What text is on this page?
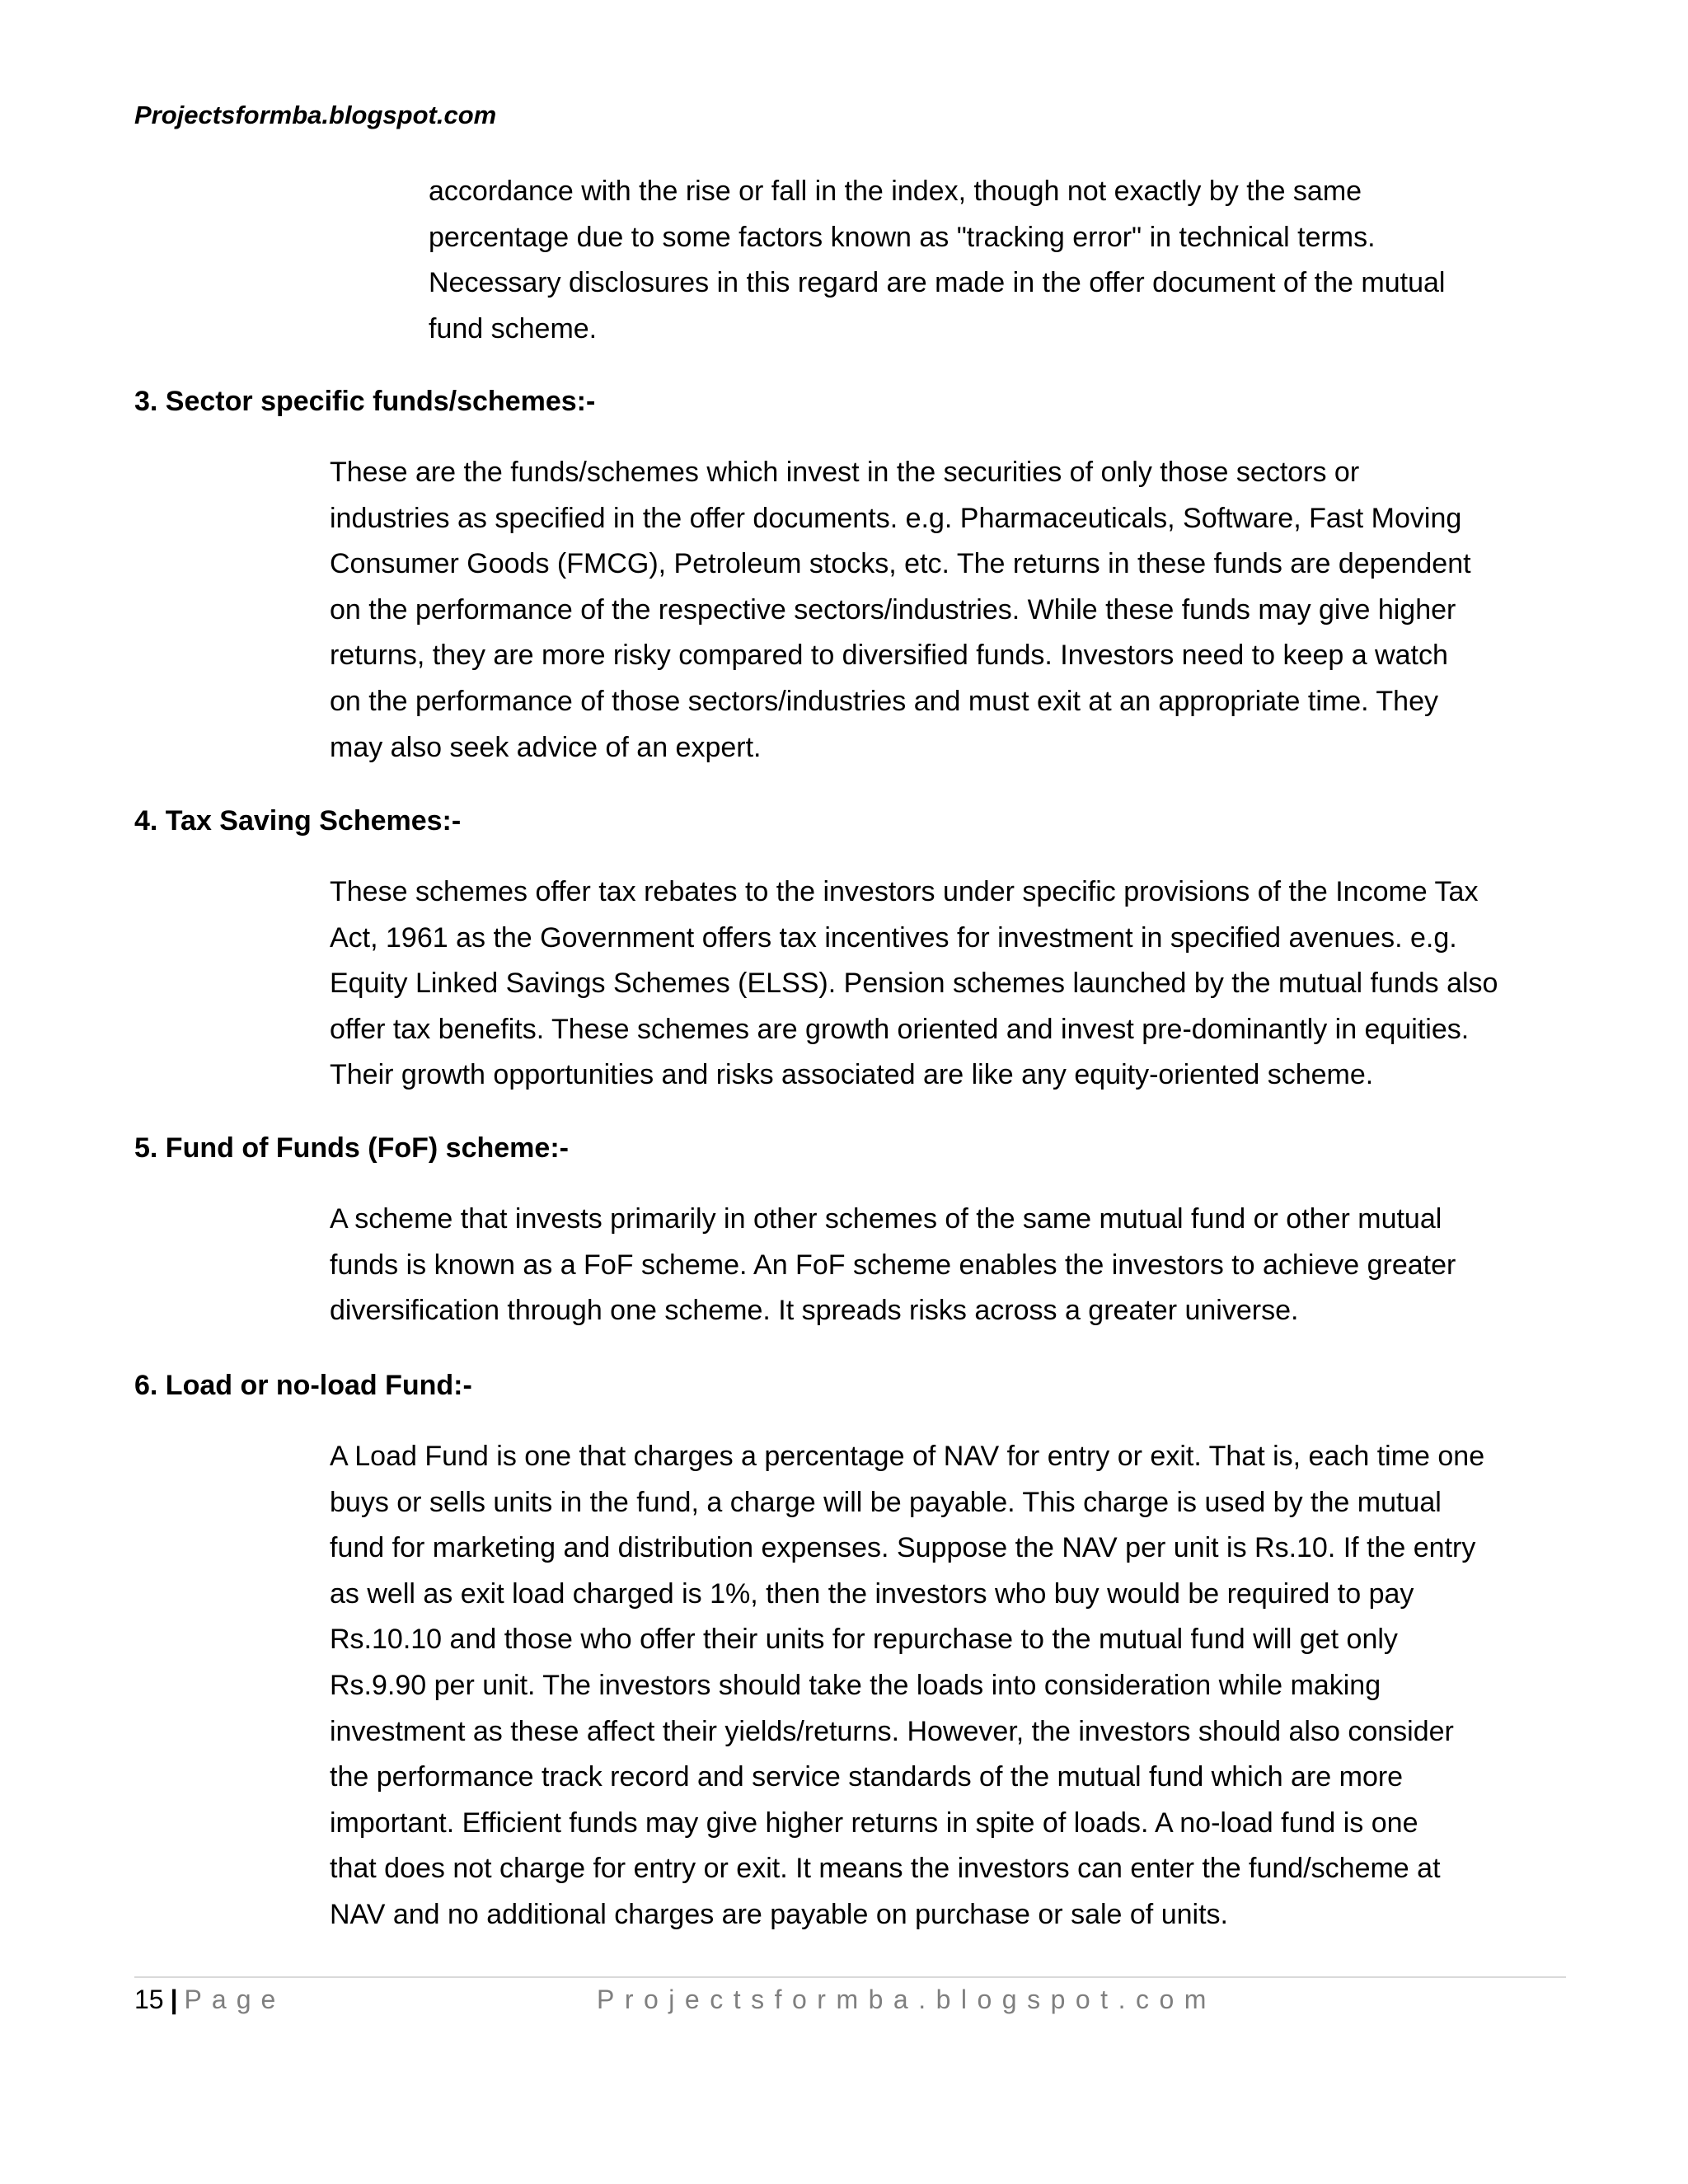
Projectsformba.blogspot.com

accordance with the rise or fall in the index, though not exactly by the same
percentage due to some factors known as "tracking error" in technical terms.
Necessary disclosures in this regard are made in the offer document of the mutual
fund scheme.

3. Sector specific funds/schemes:-

These are the funds/schemes which invest in the securities of only those sectors or
industries as specified in the offer documents. e.g. Pharmaceuticals, Software, Fast Moving
Consumer Goods (FMCG), Petroleum stocks, etc. The returns in these funds are dependent
on the performance of the respective sectors/industries. While these funds may give higher
returns, they are more risky compared to diversified funds. Investors need to keep a watch
on the performance of those sectors/industries and must exit at an appropriate time. They
may also seek advice of an expert.

4. Tax Saving Schemes:-

These schemes offer tax rebates to the investors under specific provisions of the Income Tax
Act, 1961 as the Government offers tax incentives for investment in specified avenues. e.g.
Equity Linked Savings Schemes (ELSS). Pension schemes launched by the mutual funds also
offer tax benefits. These schemes are growth oriented and invest pre-dominantly in equities.
Their growth opportunities and risks associated are like any equity-oriented scheme.

5. Fund of Funds (FoF) scheme:-

A scheme that invests primarily in other schemes of the same mutual fund or other mutual
funds is known as a FoF scheme. An FoF scheme enables the investors to achieve greater
diversification through one scheme. It spreads risks across a greater universe.

6. Load or no-load Fund:-

A Load Fund is one that charges a percentage of NAV for entry or exit. That is, each time one
buys or sells units in the fund, a charge will be payable. This charge is used by the mutual
fund for marketing and distribution expenses. Suppose the NAV per unit is Rs.10. If the entry
as well as exit load charged is 1%, then the investors who buy would be required to pay
Rs.10.10 and those who offer their units for repurchase to the mutual fund will get only
Rs.9.90 per unit. The investors should take the loads into consideration while making
investment as these affect their yields/returns. However, the investors should also consider
the performance track record and service standards of the mutual fund which are more
important. Efficient funds may give higher returns in spite of loads. A no-load fund is one
that does not charge for entry or exit. It means the investors can enter the fund/scheme at
NAV and no additional charges are payable on purchase or sale of units.

15 | Page	Projectsformba.blogspot.com
